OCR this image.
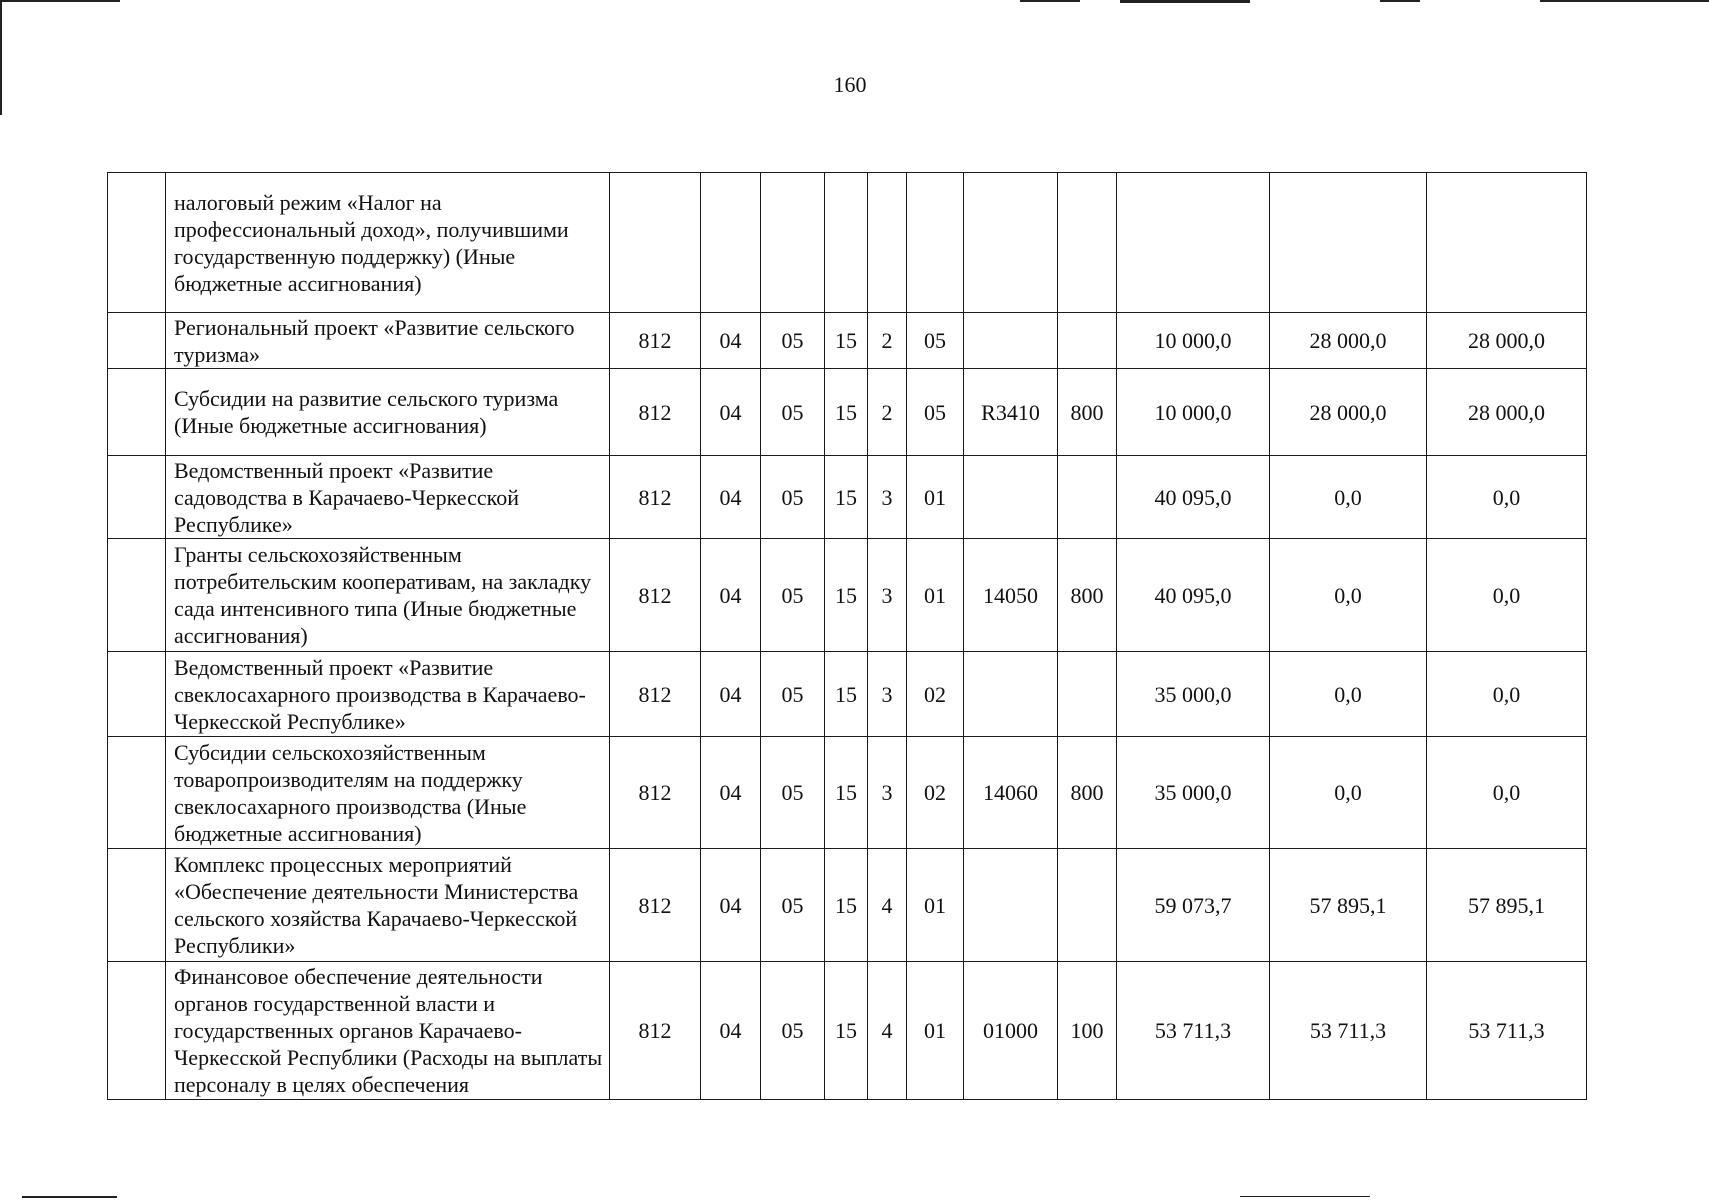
160
	налоговый режим «Налог на профессиональный доход», получившими государственную поддержку) (Иные бюджетные ассигнования)											
	Региональный проект «Развитие сельского туризма»	812	04	05	15	2	05			10 000,0	28 000,0	28 000,0
	Субсидии на развитие сельского туризма (Иные бюджетные ассигнования)	812	04	05	15	2	05	R3410	800	10 000,0	28 000,0	28 000,0
	Ведомственный проект «Развитие садоводства в Карачаево-Черкесской Республике»	812	04	05	15	3	01			40 095,0	0,0	0,0
	Гранты сельскохозяйственным потребительским кооперативам, на закладку сада интенсивного типа (Иные бюджетные ассигнования)	812	04	05	15	3	01	14050	800	40 095,0	0,0	0,0
	Ведомственный проект «Развитие свеклосахарного производства в Карачаево-Черкесской Республике»	812	04	05	15	3	02			35 000,0	0,0	0,0
	Субсидии сельскохозяйственным товаропроизводителям на поддержку свеклосахарного производства (Иные бюджетные ассигнования)	812	04	05	15	3	02	14060	800	35 000,0	0,0	0,0
	Комплекс процессных мероприятий «Обеспечение деятельности Министерства сельского хозяйства Карачаево-Черкесской Республики»	812	04	05	15	4	01			59 073,7	57 895,1	57 895,1
	Финансовое обеспечение деятельности органов государственной власти и государственных органов Карачаево-Черкесской Республики (Расходы на выплаты персоналу в целях обеспечения	812	04	05	15	4	01	01000	100	53 711,3	53 711,3	53 711,3
